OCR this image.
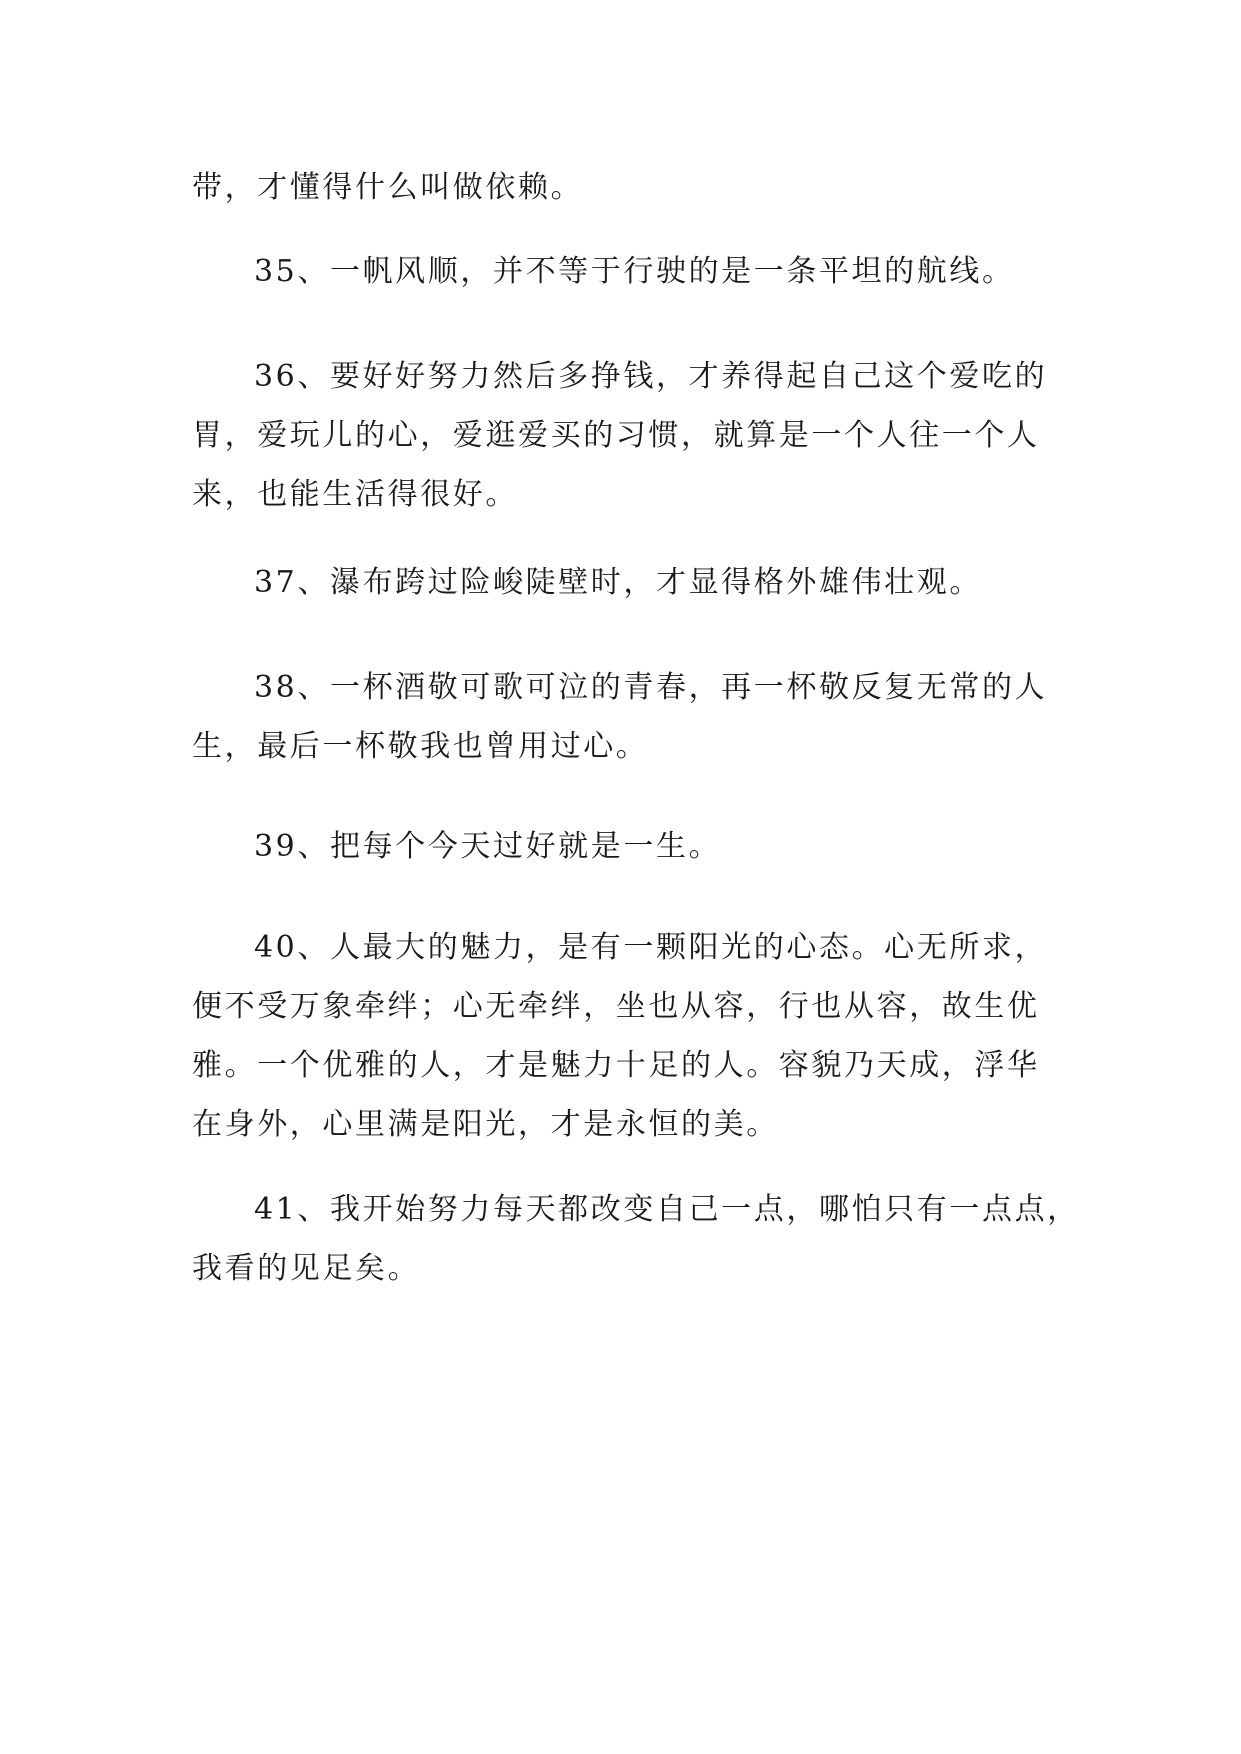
带，才懂得什么叫做依赖。

35、一帆风顺，并不等于行驶的是一条平坦的航线。

36、要好好努力然后多挣钱，才养得起自己这个爱吃的
胃，爱玩儿的心，爱逛爱买的习惯，就算是一个人往一个人
来，也能生活得很好。

37、瀑布跨过险峻陡壁时，才显得格外雄伟壮观。

38、一杯酒敬可歌可泣的青春，再一杯敬反复无常的人
生，最后一杯敬我也曾用过心。

39、把每个今天过好就是一生。

40、人最大的魅力，是有一颗阳光的心态。心无所求，
便不受万象牵绊；心无牵绊，坐也从容，行也从容，故生优
雅。一个优雅的人，才是魅力十足的人。容貌乃天成，浮华
在身外，心里满是阳光，才是永恒的美。

41、我开始努力每天都改变自己一点，哪怕只有一点点，
我看的见足矣。
